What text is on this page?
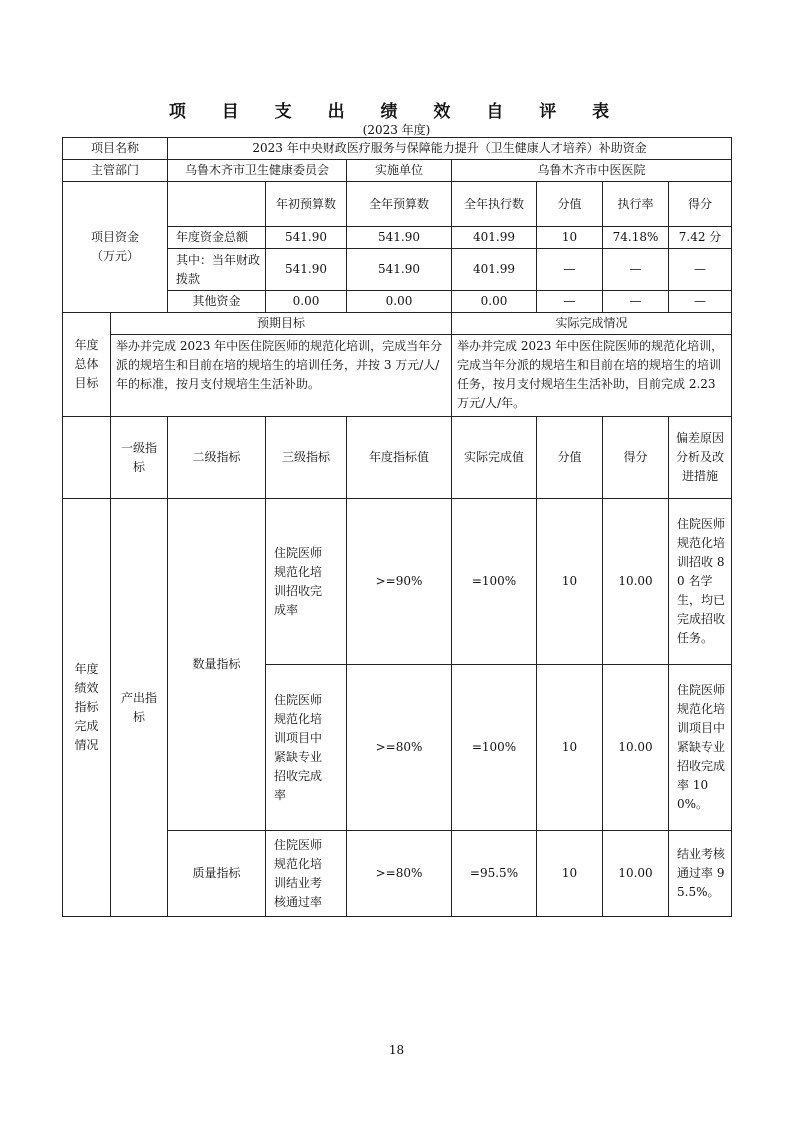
项 目 支 出 绩 效 自 评 表
(2023 年度)
项目名称		2023 年中央财政医疗服务与保障能力提升（卫生健康人才培养）补助资金						
主管部门		乌鲁木齐市卫生健康委员会		实施单位	乌鲁木齐市中医医院			
项目资金（万元）			年初预算数	全年预算数	全年执行数	分值	执行率	得分
		年度资金总额	541.90	541.90	401.99	10	74.18%	7.42 分
		其中：当年财政拨款	541.90	541.90	401.99	—	—	—
		其他资金	0.00	0.00	0.00	—	—	—
年度总体目标	预期目标				实际完成情况			
	举办并完成 2023 年中医住院医师的规范化培训，完成当年分派的规培生和目前在培的规培生的培训任务，并按 3 万元/人/年的标准，按月支付规培生生活补助。				举办并完成 2023 年中医住院医师的规范化培训，完成当年分派的规培生和目前在培的规培生的培训任务，按月支付规培生生活补助，目前完成 2.23 万元/人/年。			
	一级指标	二级指标	三级指标	年度指标值	实际完成值	分值	得分	偏差原因分析及改进措施
年度绩效指标完成情况	产出指标	数量指标	住院医师规范化培训招收完成率	>=90%	=100%	10	10.00	住院医师规范化培训招收 80 名学生，均已完成招收任务。
			住院医师规范化培训项目中紧缺专业招收完成率	>=80%	=100%	10	10.00	住院医师规范化培训项目中紧缺专业招收完成率 100%。
		质量指标	住院医师规范化培训结业考核通过率	>=80%	=95.5%	10	10.00	结业考核通过率 95.5%。
18
